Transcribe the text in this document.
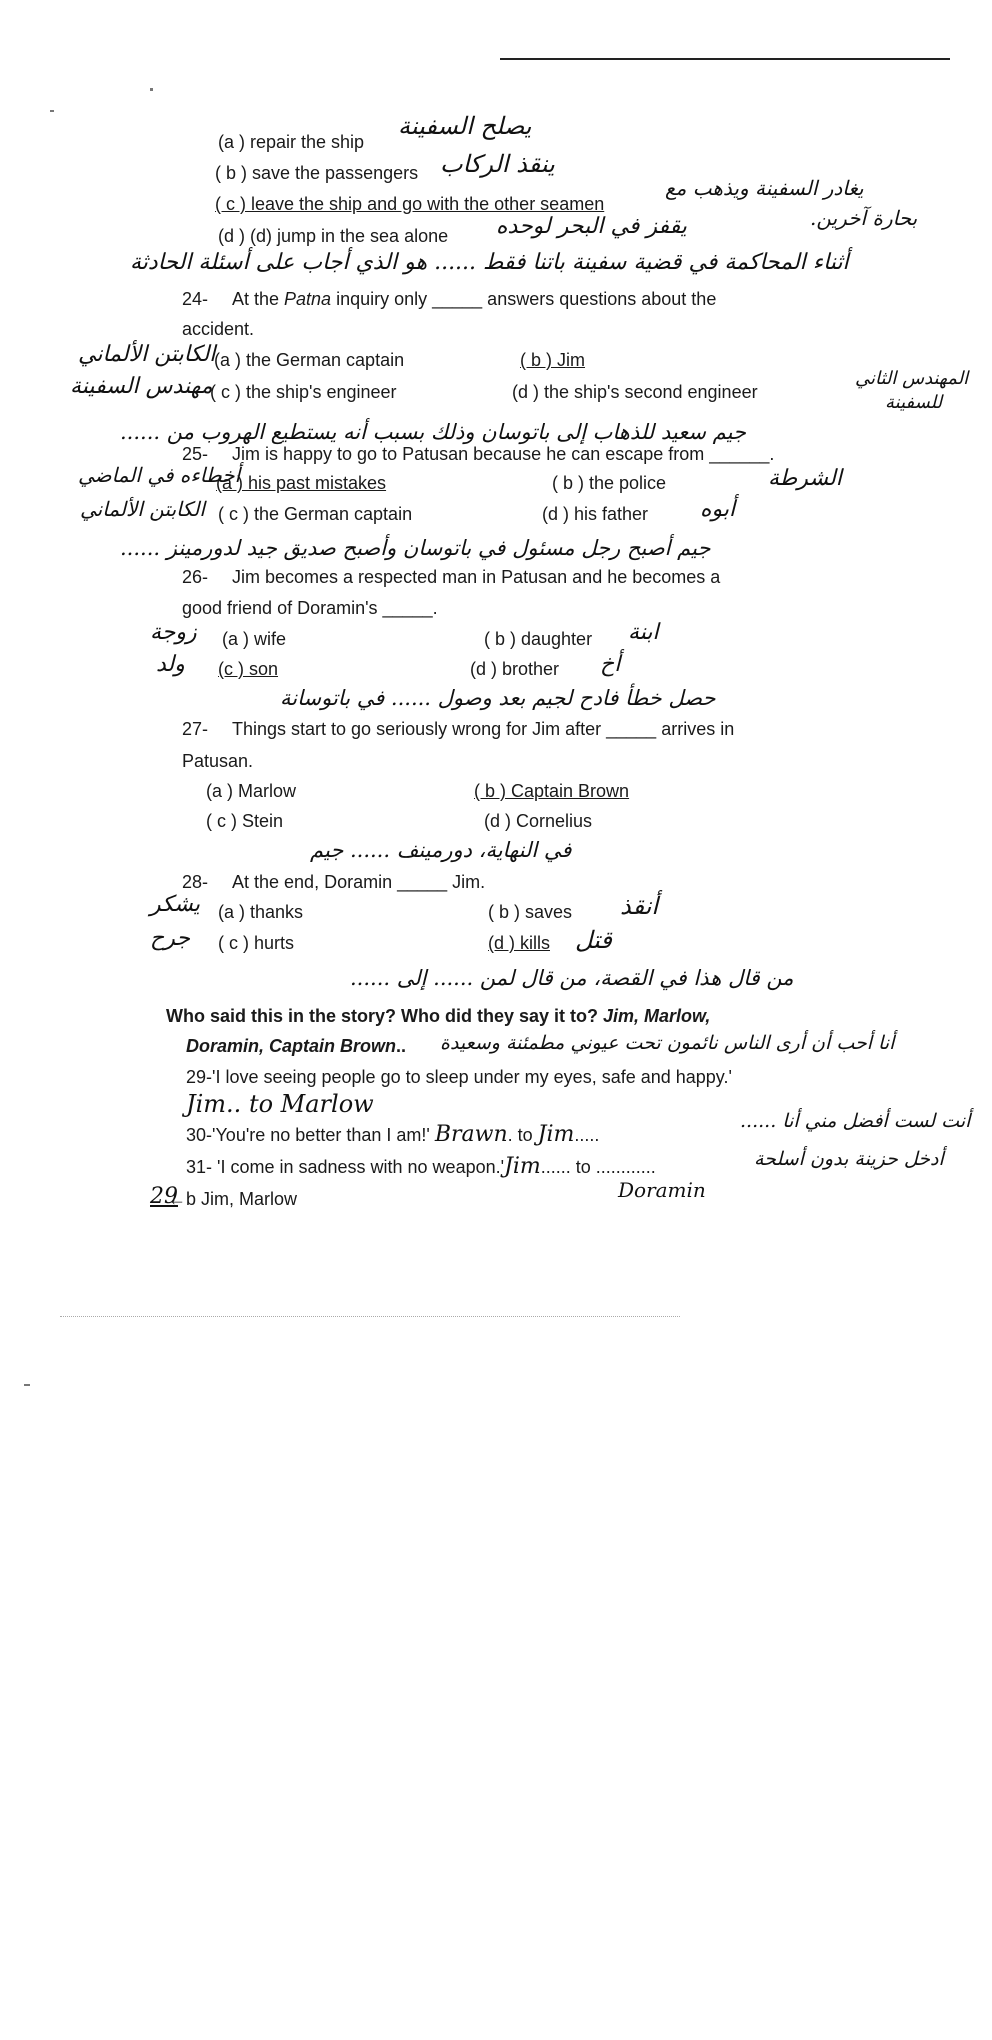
(a ) repair the ship
يصلح السفينة
( b ) save the passengers ينقذ الركاب
( c ) leave the ship and go with the other seamen
يغادر السفينة ويذهب مع
بحارة آخرين.
(d ) (d) jump in the sea alone يقفز في البحر لوحده
أثناء المحاكمة في قضية سفينة باتنا فقط ...... هو الذي أجاب على أسئلة الحادثة
24- At the Patna inquiry only _____ answers questions about the
accident.
الكابتن الألماني
(a ) the German captain	( b ) Jim
مهندس السفينة
( c ) the ship's engineer	(d ) the ship's second engineer
المهندس الثاني
للسفينة
جيم سعيد للذهاب إلى باتوسان وذلك بسبب أنه يستطيع الهروب من ......
25- Jim is happy to go to Patusan because he can escape from ______.
أخطاءه في الماضي
(a ) his past mistakes	( b ) the police	الشرطة
الكابتن الألماني ( c ) the German captain	(d ) his father أبوه
جيم أصبح رجل مسئول في باتوسان وأصبح صديق جيد لدورمينز ......
26- Jim becomes a respected man in Patusan and he becomes a
good friend of Doramin's _____.
زوجة (a ) wife	( b ) daughter ابنة
ولد (c ) son	(d ) brother أخ
حصل خطأ فادح لجيم بعد وصول ...... في باتوسانة
27- Things start to go seriously wrong for Jim after _____ arrives in
Patusan.
(a ) Marlow	( b ) Captain Brown
( c ) Stein	(d ) Cornelius
في النهاية، دورمينف ...... جيم
28- At the end, Doramin _____ Jim.
يشكر (a ) thanks	( b ) saves أنقذ
جرح ( c ) hurts	(d ) kills قتل
من قال هذا في القصة، من قال لمن ...... إلى ......
Who said this in the story? Who did they say it to? Jim, Marlow,
Doramin, Captain Brown.. أنا أحب أن أرى الناس نائمون تحت عيوني مطمئنة وسعيدة
29-'I love seeing people go to sleep under my eyes, safe and happy.'
Jim.. to Marlow
30-'You're no better than I am!' Brawn. to Jim.....
أنت لست أفضل مني أنا ......
31- 'I come in sadness with no weapon.'Jim...... to ............	أدخل حزينة بدون أسلحة
Doramin
29
←b Jim, Marlow
